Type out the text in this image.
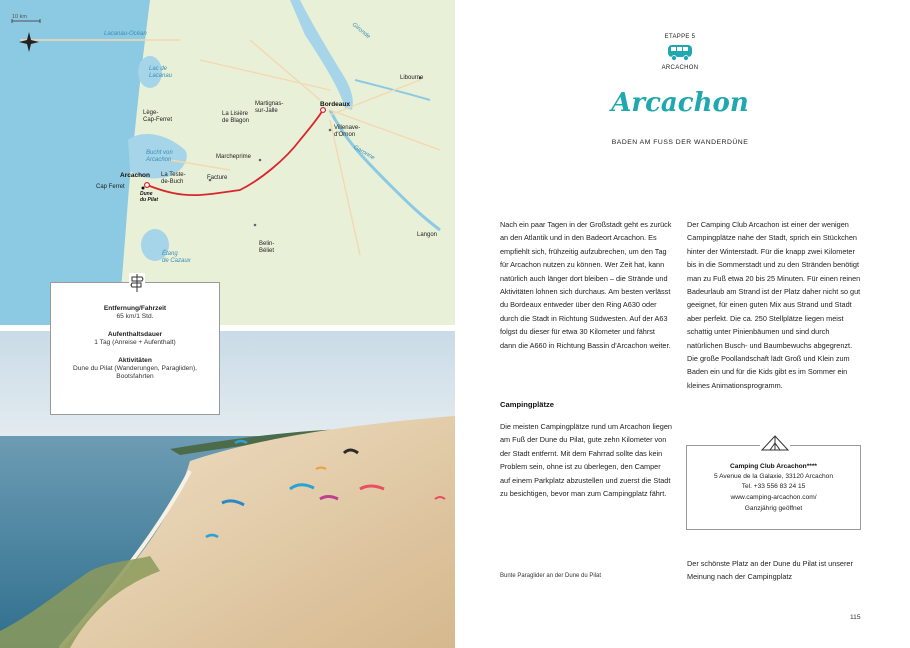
10 km
Lacanau-Océan
Lac de
Lacanau
Lège-
Cap-Ferret
La Lisière
de Blagon
Martignas-
sur-Jalle
Bordeaux
Libourne
Gironde
Bucht von
Arcachon	Marcheprime
Villenave-
d'Ornon
Garonne
Arcachon La Teste-
de-Buch
Cap Ferret
Dune
du Pilat
Facture
Belin-
Béliet
Étang
de Cazaux
Langon
Entfernung/Fahrzeit
65 km/1 Std.
Aufenthaltsdauer
1 Tag (Anreise + Aufenthalt)
Aktivitäten
Dune du Pilat (Wanderungen, Paragliden), Bootsfahrten
ETAPPE 5
ARCACHON
Arcachon
BADEN AM FUSS DER WANDERDÜNE
Nach ein paar Tagen in der Großstadt geht es zurück an den Atlantik und in den Badeort Arcachon. Es empfiehlt sich, frühzeitig aufzubrechen, um den Tag für Arcachon nutzen zu können. Wer Zeit hat, kann natürlich auch länger dort bleiben – die Strände und Aktivitäten lohnen sich durchaus. Am besten verlässt du Bordeaux entweder über den Ring A630 oder durch die Stadt in Richtung Südwesten. Auf der A63 folgst du dieser für etwa 30 Kilometer und fährst dann die A660 in Richtung Bassin d'Arcachon weiter.
Campingplätze
Die meisten Campingplätze rund um Arcachon liegen am Fuß der Dune du Pilat, gute zehn Kilometer von der Stadt entfernt. Mit dem Fahrrad sollte das kein Problem sein, ohne ist zu überlegen, den Camper auf einem Parkplatz abzustellen und zuerst die Stadt zu besichtigen, bevor man zum Campingplatz fährt.
Der Camping Club Arcachon ist einer der wenigen Campingplätze nahe der Stadt, sprich ein Stückchen hinter der Winterstadt. Für die knapp zwei Kilometer bis in die Sommerstadt und zu den Stränden benötigt man zu Fuß etwa 20 bis 25 Minuten. Für einen reinen Badeurlaub am Strand ist der Platz daher nicht so gut geeignet, für einen guten Mix aus Strand und Stadt aber perfekt. Die ca. 250 Stellplätze liegen meist schattig unter Pinienbäumen und sind durch natürlichen Busch- und Baumbewuchs abgegrenzt. Die große Poollandschaft lädt Groß und Klein zum Baden ein und für die Kids gibt es im Sommer ein kleines Animationsprogramm.
Camping Club Arcachon****
5 Avenue de la Galaxie, 33120 Arcachon
Tel. +33 556 83 24 15
www.camping-arcachon.com/
Ganzjährig geöffnet
Bunte Paraglider an der Dune du Pilat
Der schönste Platz an der Dune du Pilat ist unserer Meinung nach der Campingplatz
115
